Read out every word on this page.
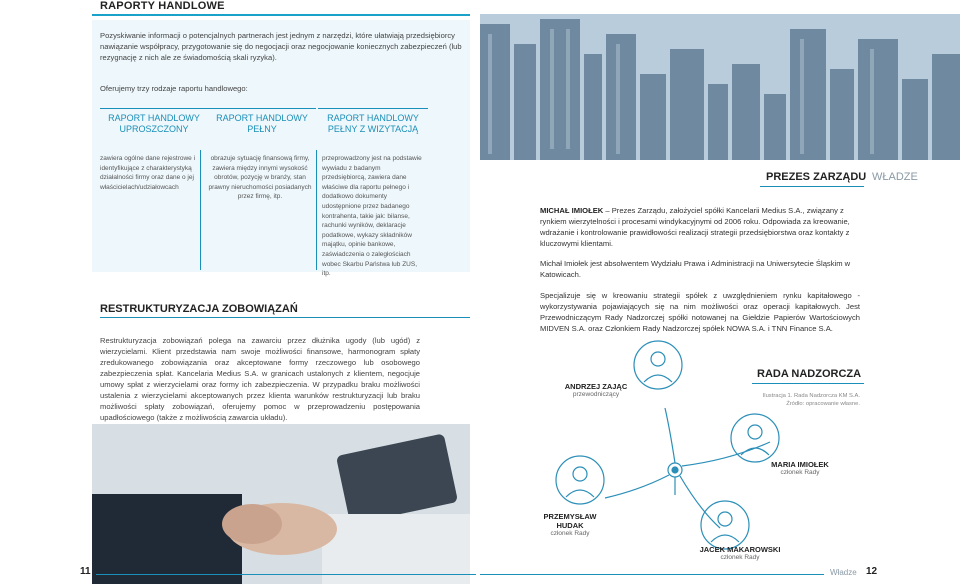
RAPORTY HANDLOWE
Pozyskiwanie informacji o potencjalnych partnerach jest jednym z narzędzi, które ułatwiają przedsiębiorcy nawiązanie współpracy, przygotowanie się do negocjacji oraz negocjowanie koniecznych zabezpieczeń (lub rezygnację z nich ale ze świadomością skali ryzyka).
Oferujemy trzy rodzaje raportu handlowego:
RAPORT HANDLOWY
UPROSZCZONY
RAPORT HANDLOWY
PEŁNY
RAPORT HANDLOWY
PEŁNY Z WIZYTACJĄ
zawiera ogólne dane rejestrowe i identyfikujące z charakterystyką działalności firmy oraz dane o jej właścicielach/udziałowcach
obrazuje sytuację finansową firmy, zawiera między innymi wysokość obrotów, pozycję w branży, stan prawny nieruchomości posiadanych przez firmę, itp.
przeprowadzony jest na podstawie wywiadu z badanym przedsiębiorcą, zawiera dane właściwe dla raportu pełnego i dodatkowo dokumenty udostępnione przez badanego kontrahenta, takie jak: bilanse, rachunki wyników, deklaracje podatkowe, wykazy składników majątku, opinie bankowe, zaświadczenia o zaległościach wobec Skarbu Państwa lub ZUS, itp.
RESTRUKTURYZACJA ZOBOWIĄZAŃ
Restrukturyzacja zobowiązań polega na zawarciu przez dłużnika ugody (lub ugód) z wierzycielami. Klient przedstawia nam swoje możliwości finansowe, harmonogram spłaty zredukowanego zobowiązania oraz akceptowane formy rzeczowego lub osobowego zabezpieczenia spłat. Kancelaria Medius S.A. w granicach ustalonych z klientem, negocjuje umowy spłat z wierzycielami oraz formy ich zabezpieczenia. W przypadku braku możliwości ustalenia z wierzycielami akceptowanych przez klienta warunków restrukturyzacji lub braku możliwości spłaty zobowiązań, oferujemy pomoc w przeprowadzeniu postępowania upadłościowego (także z możliwością zawarcia układu).
11
PREZES ZARZĄDU WŁADZE
MICHAŁ IMIOŁEK – Prezes Zarządu, założyciel spółki Kancelarii Medius S.A., związany z rynkiem wierzytelności i procesami windykacyjnymi od 2006 roku. Odpowiada za kreowanie, wdrażanie i kontrolowanie prawidłowości realizacji strategii przedsiębiorstwa oraz kontakty z kluczowymi klientami.
Michał Imiołek jest absolwentem Wydziału Prawa i Administracji na Uniwersytecie Śląskim w Katowicach.
Specjalizuje się w kreowaniu strategii spółek z uwzględnieniem rynku kapitałowego - wykorzystywania pojawiających się na nim możliwości oraz operacji kapitałowych. Jest Przewodniczącym Rady Nadzorczej spółki notowanej na Giełdzie Papierów Wartościowych MIDVEN S.A. oraz Członkiem Rady Nadzorczej spółek NOWA S.A. i TNN Finance S.A.
RADA NADZORCZA
Ilustracja 1. Rada Nadzorcza KM S.A.
Źródło: opracowanie własne.
ANDRZEJ ZAJĄC
przewodniczący
MARIA IMIOŁEK
członek Rady
PRZEMYSŁAW HUDAK
członek Rady
JACEK MAKAROWSKI
członek Rady
Władze 12
